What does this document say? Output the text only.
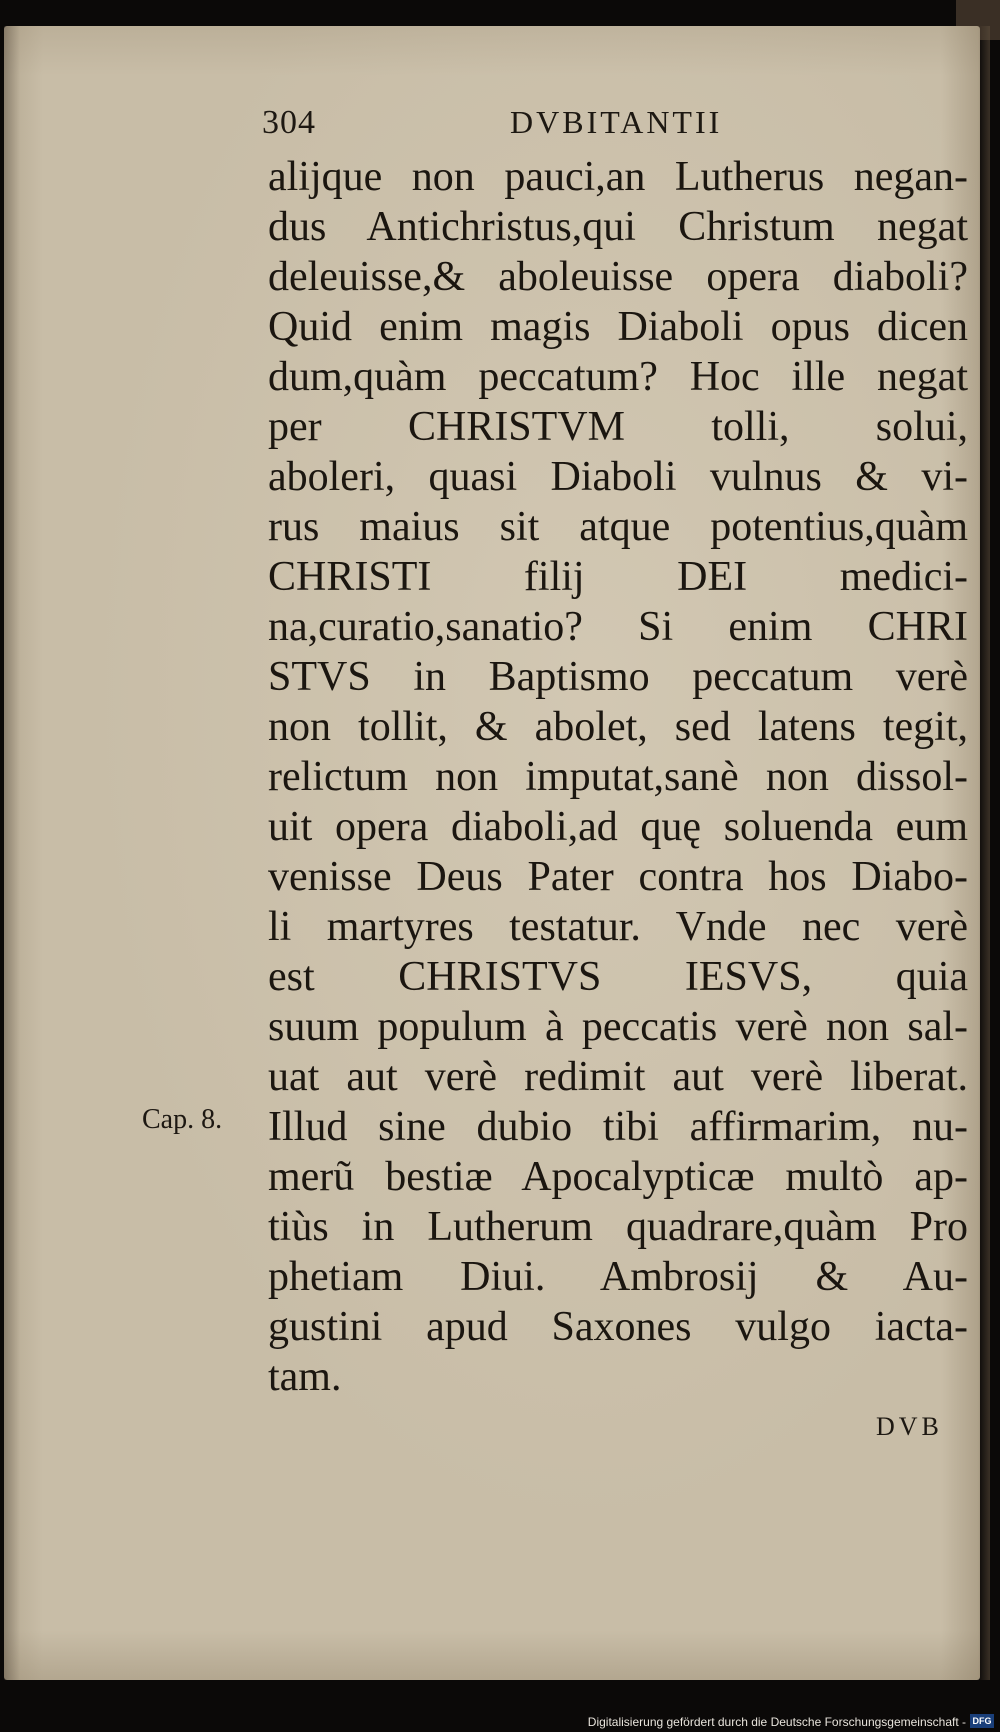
304	DVBITANTII
alijque non pauci,an Lutherus negan-
dus Antichristus,qui Christum negat
deleuisse,& aboleuisse opera diaboli?
Quid enim magis Diaboli opus dicen
dum,quàm peccatum? Hoc ille negat
per CHRISTVM tolli, solui,
aboleri, quasi Diaboli vulnus & vi-
rus maius sit atque potentius,quàm
CHRISTI filij DEI medici-
na,curatio,sanatio? Si enim CHRI
STVS in Baptismo peccatum verè
non tollit, & abolet, sed latens tegit,
relictum non imputat,sanè non dissol-
uit opera diaboli,ad quę soluenda eum
venisse Deus Pater contra hos Diabo-
li martyres testatur. Vnde nec verè
est CHRISTVS IESVS, quia
suum populum à peccatis verè non sal-
uat aut verè redimit aut verè liberat.
Illud sine dubio tibi affirmarim, nu-
merũ bestiæ Apocalypticæ multò ap-
tiùs in Lutherum quadrare,quàm Pro
phetiam Diui. Ambrosij & Au-
gustini apud Saxones vulgo iacta-
tam.
Cap. 8.
DVB
Digitalisierung gefördert durch die Deutsche Forschungsgemeinschaft - DFG
